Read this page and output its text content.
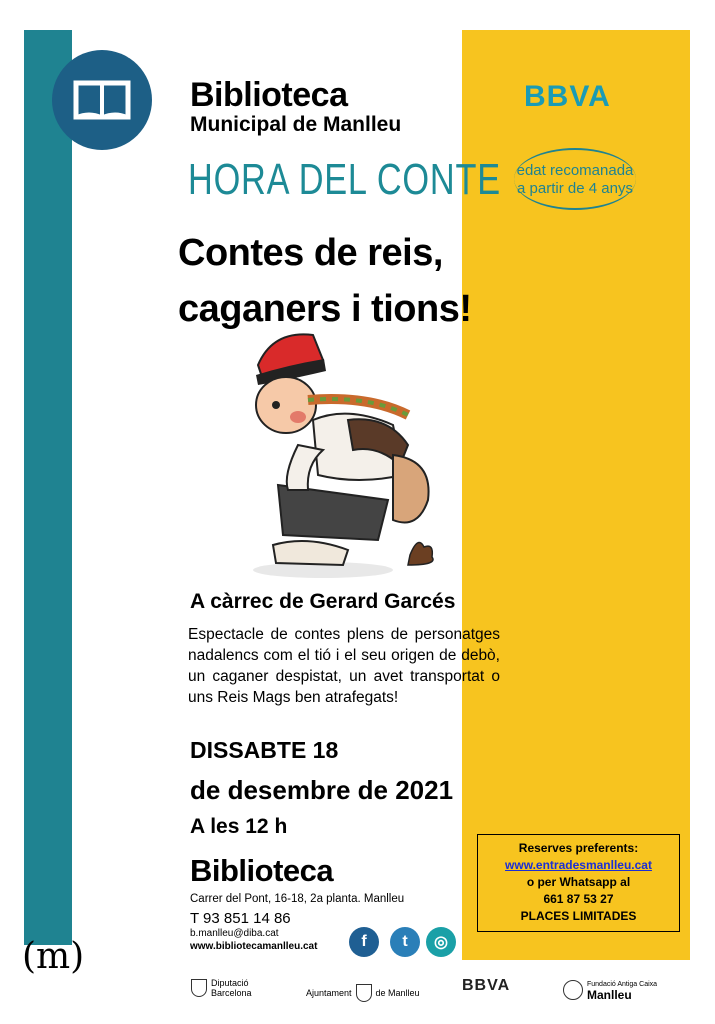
Biblioteca
Municipal de Manlleu
BBVA
edat recomanada
a partir de 4 anys
HORA DEL CONTE
Contes de reis,
caganers i tions!
A càrrec de Gerard Garcés
Espectacle de contes plens de personatges nadalencs com el tió i el seu origen de debò, un caganer despistat, un avet transportat o uns Reis Mags ben atrafegats!
DISSABTE 18
de desembre de 2021
A les 12 h
Biblioteca
Carrer del Pont, 16-18, 2a planta. Manlleu
T 93 851 14 86
b.manlleu@diba.cat
www.bibliotecamanlleu.cat	f	t	◎
Reserves preferents:
www.entradesmanlleu.cat
o per Whatsapp al
661 87 53 27
PLACES LIMITADES
(m)
Diputació
Barcelona	Ajuntament	de Manlleu	BBVA	Fundació Antiga Caixa
Manlleu
